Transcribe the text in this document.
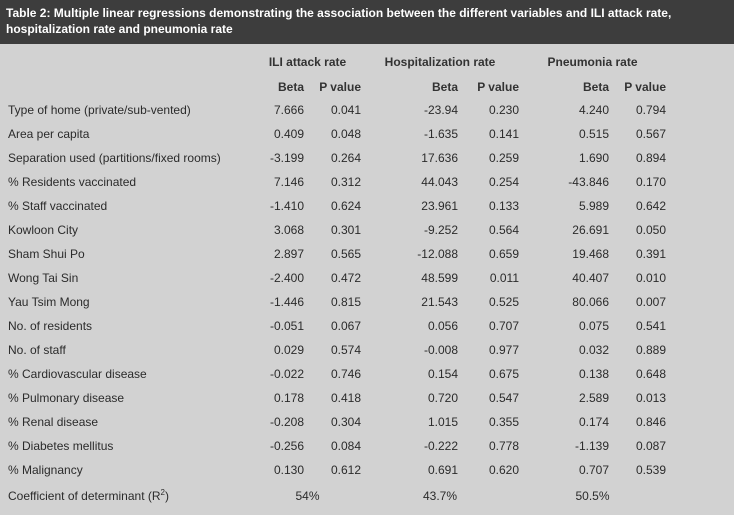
Table 2: Multiple linear regressions demonstrating the association between the different variables and ILI attack rate,
hospitalization rate and pneumonia rate
	ILI attack rate		Hospitalization rate		Pneumonia rate		
	Beta	P value	Beta	P value	Beta	P value	
Type of home (private/sub-vented)	7.666	0.041	-23.94	0.230	4.240	0.794	
Area per capita	0.409	0.048	-1.635	0.141	0.515	0.567	
Separation used (partitions/fixed rooms)	-3.199	0.264	17.636	0.259	1.690	0.894	
% Residents vaccinated	7.146	0.312	44.043	0.254	-43.846	0.170	
% Staff vaccinated	-1.410	0.624	23.961	0.133	5.989	0.642	
Kowloon City	3.068	0.301	-9.252	0.564	26.691	0.050	
Sham Shui Po	2.897	0.565	-12.088	0.659	19.468	0.391	
Wong Tai Sin	-2.400	0.472	48.599	0.011	40.407	0.010	
Yau Tsim Mong	-1.446	0.815	21.543	0.525	80.066	0.007	
No. of residents	-0.051	0.067	0.056	0.707	0.075	0.541	
No. of staff	0.029	0.574	-0.008	0.977	0.032	0.889	
% Cardiovascular disease	-0.022	0.746	0.154	0.675	0.138	0.648	
% Pulmonary disease	0.178	0.418	0.720	0.547	2.589	0.013	
% Renal disease	-0.208	0.304	1.015	0.355	0.174	0.846	
% Diabetes mellitus	-0.256	0.084	-0.222	0.778	-1.139	0.087	
% Malignancy	0.130	0.612	0.691	0.620	0.707	0.539	
Coefficient of determinant $(R^2)$	54%		43.7%		50.5%		
